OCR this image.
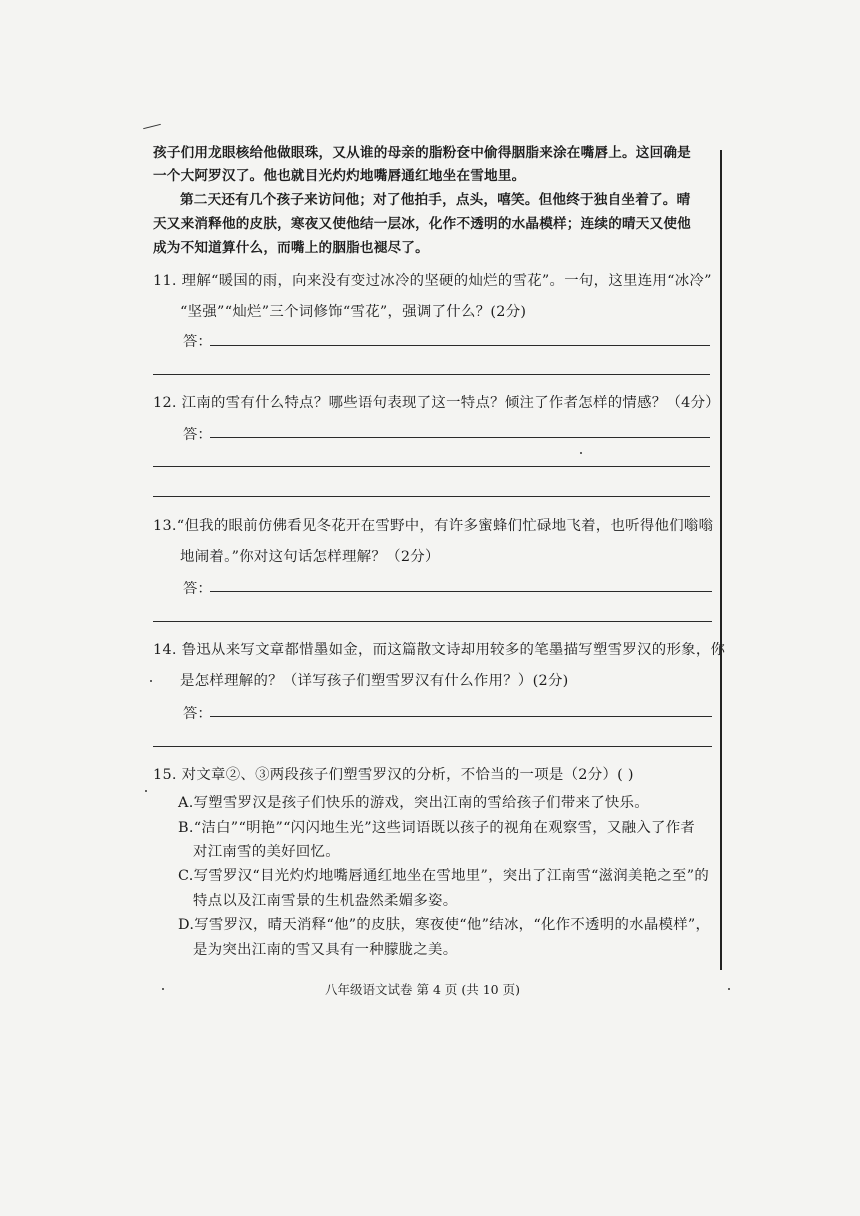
孩子们用龙眼核给他做眼珠，又从谁的母亲的脂粉奁中偷得胭脂来涂在嘴唇上。这回确是
一个大阿罗汉了。他也就目光灼灼地嘴唇通红地坐在雪地里。
第二天还有几个孩子来访问他；对了他拍手，点头，嘻笑。但他终于独自坐着了。晴
天又来消释他的皮肤，寒夜又使他结一层冰，化作不透明的水晶模样；连续的晴天又使他
成为不知道算什么，而嘴上的胭脂也褪尽了。
11. 理解“暖国的雨，向来没有变过冰冷的坚硬的灿烂的雪花”。一句，这里连用“冰冷”
“坚强”“灿烂”三个词修饰“雪花”，强调了什么？(2分)
答：
12. 江南的雪有什么特点？哪些语句表现了这一特点？倾注了作者怎样的情感？（4分）
答：
13.“但我的眼前仿佛看见冬花开在雪野中，有许多蜜蜂们忙碌地飞着，也听得他们嗡嗡
地闹着。”你对这句话怎样理解？（2分）
答：
14. 鲁迅从来写文章都惜墨如金，而这篇散文诗却用较多的笔墨描写塑雪罗汉的形象，你
是怎样理解的？（详写孩子们塑雪罗汉有什么作用？）(2分)
答：
15. 对文章②、③两段孩子们塑雪罗汉的分析，不恰当的一项是（2分）( )
A.写塑雪罗汉是孩子们快乐的游戏，突出江南的雪给孩子们带来了快乐。
B.“洁白”“明艳”“闪闪地生光”这些词语既以孩子的视角在观察雪，又融入了作者
对江南雪的美好回忆。
C.写雪罗汉“目光灼灼地嘴唇通红地坐在雪地里”，突出了江南雪“滋润美艳之至”的
特点以及江南雪景的生机盎然柔媚多姿。
D.写雪罗汉，晴天消释“他”的皮肤，寒夜使“他”结冰，“化作不透明的水晶模样”，
是为突出江南的雪又具有一种朦胧之美。
八年级语文试卷 第 4 页 (共 10 页)
